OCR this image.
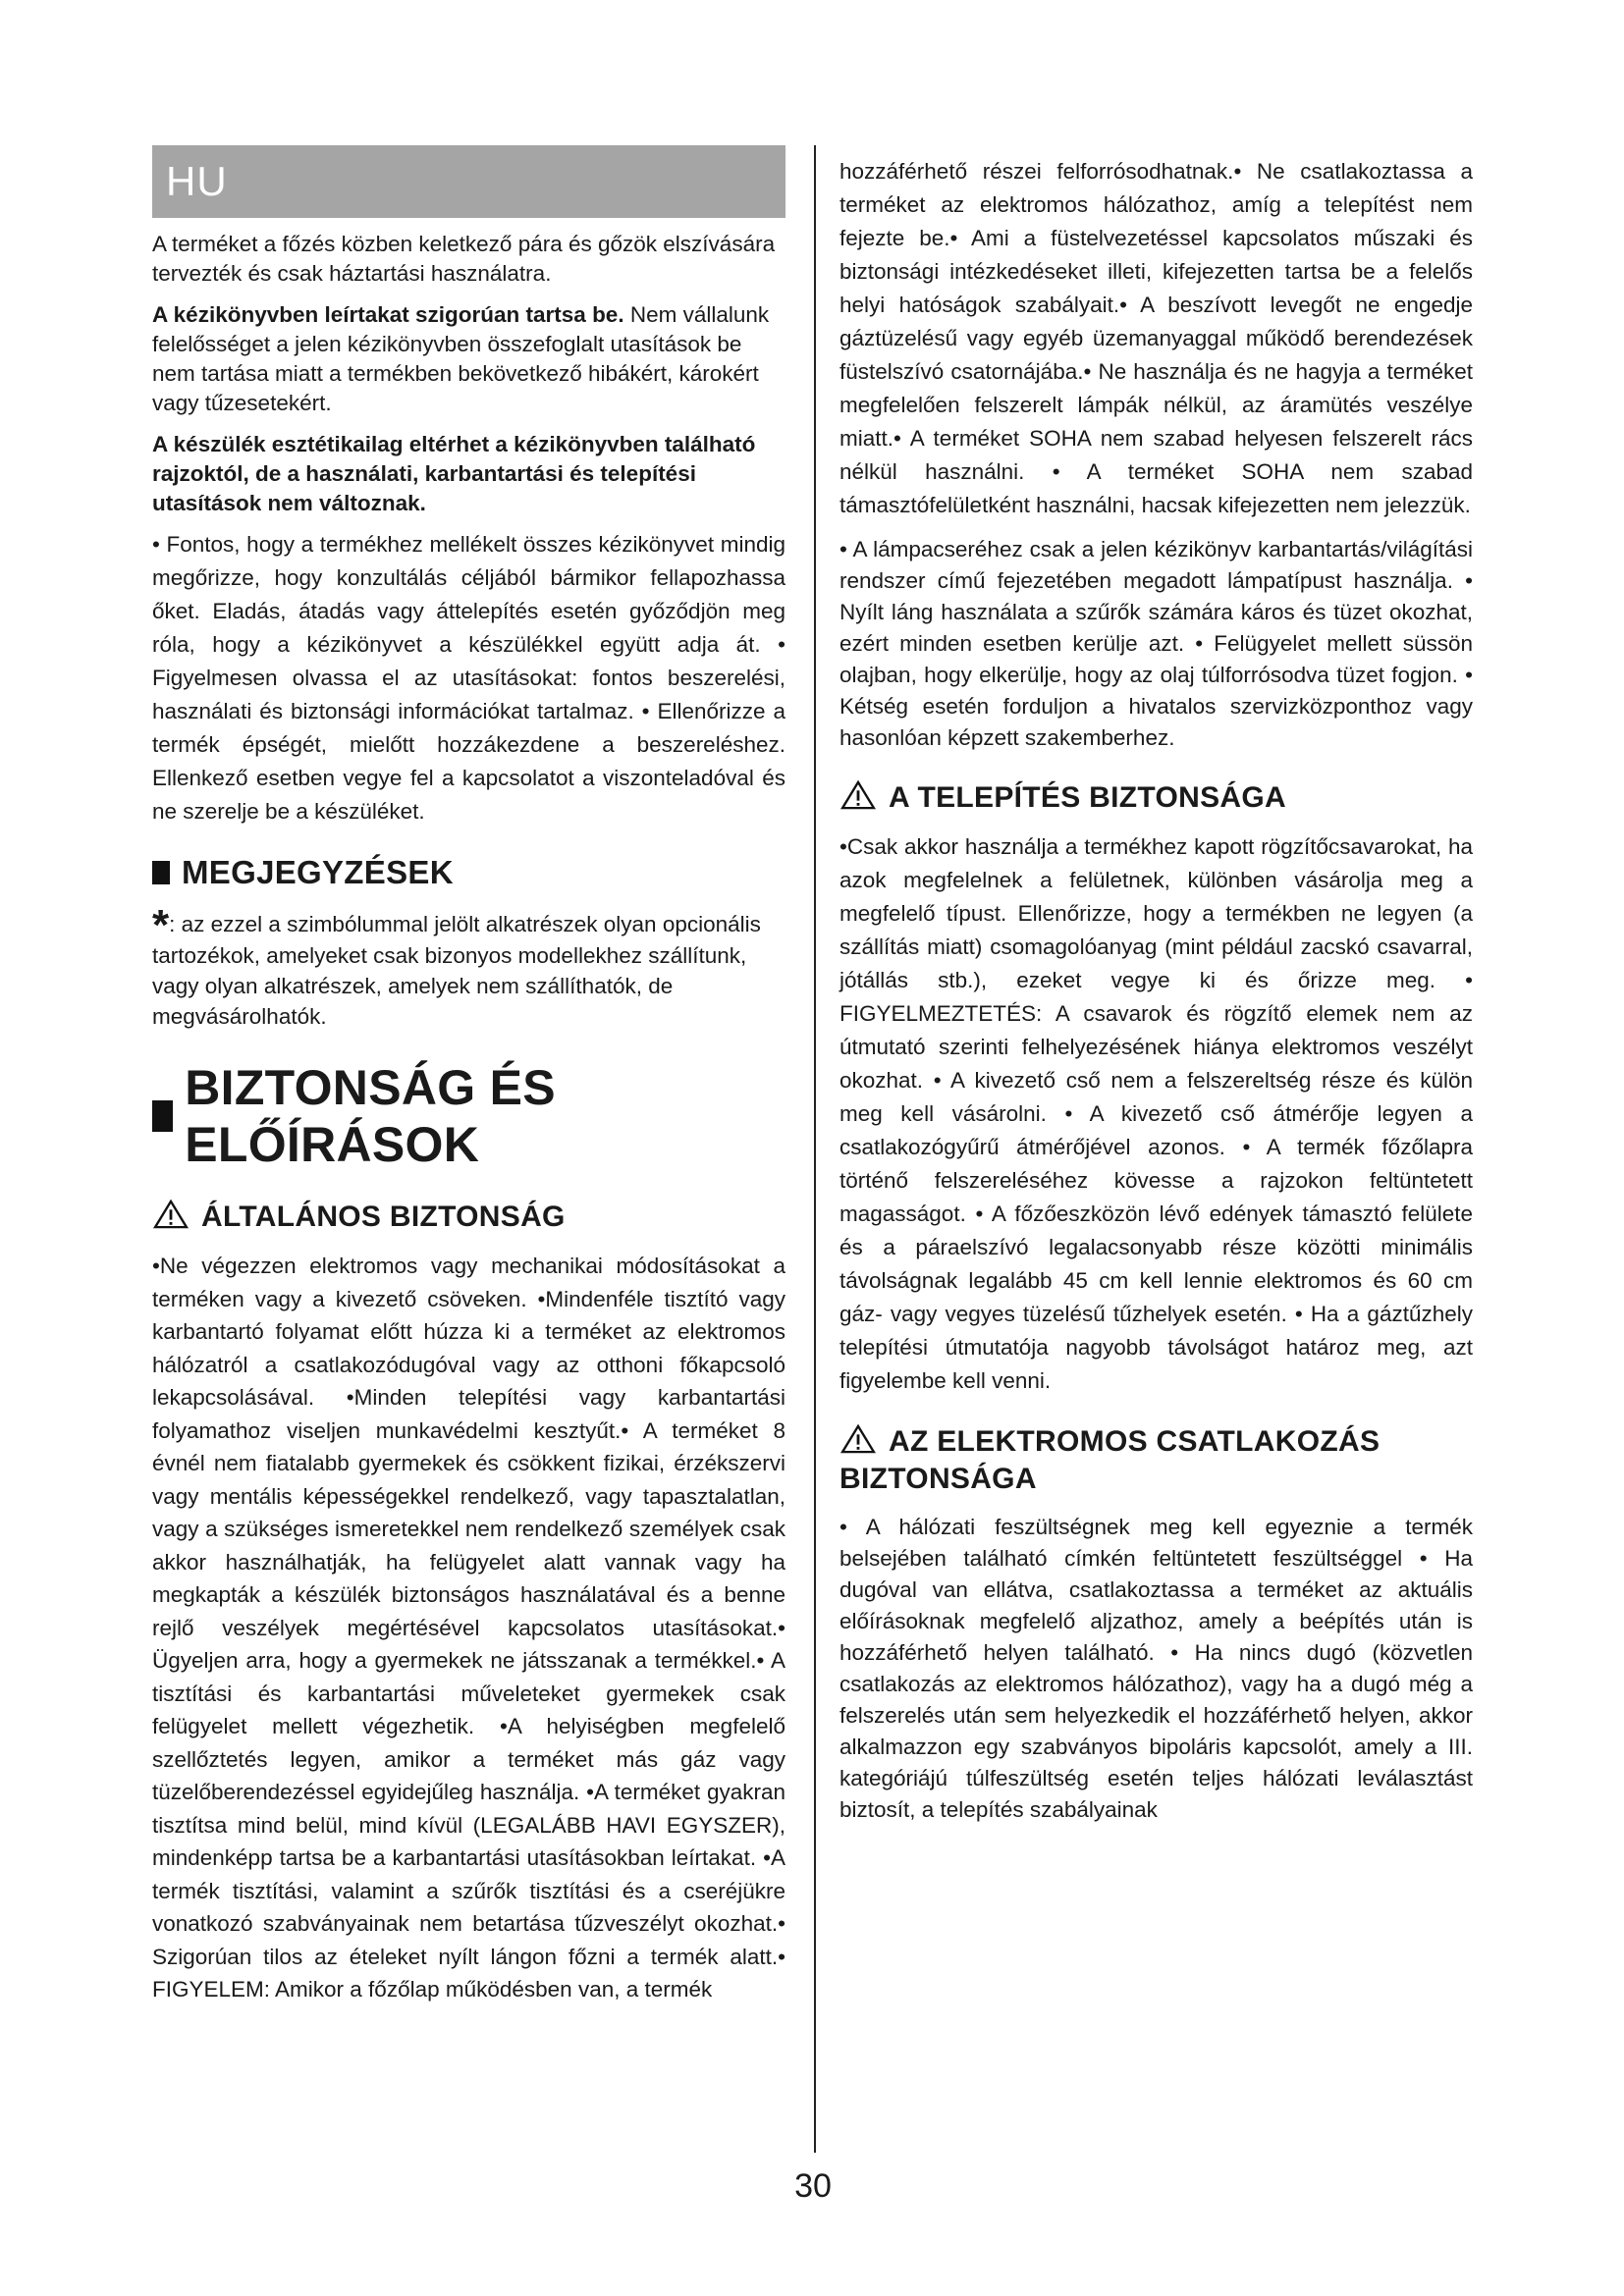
HU

A terméket a főzés közben keletkező pára és gőzök elszívására tervezték és csak háztartási használatra.

A kézikönyvben leírtakat szigorúan tartsa be. Nem vállalunk felelősséget a jelen kézikönyvben összefoglalt utasítások be nem tartása miatt a termékben bekövetkező hibákért, károkért vagy tűzesetekért.

A készülék esztétikailag eltérhet a kézikönyvben található rajzoktól, de a használati, karbantartási és telepítési utasítások nem változnak.

• Fontos, hogy a termékhez mellékelt összes kézikönyvet mindig megőrizze, hogy konzultálás céljából bármikor fellapozhassa őket. Eladás, átadás vagy áttelepítés esetén győződjön meg róla, hogy a kézikönyvet a készülékkel együtt adja át. • Figyelmesen olvassa el az utasításokat: fontos beszerelési, használati és biztonsági információkat tartalmaz. • Ellenőrizze a termék épségét, mielőtt hozzákezdene a beszereléshez. Ellenkező esetben vegye fel a kapcsolatot a viszonteladóval és ne szerelje be a készüléket.

MEGJEGYZÉSEK

*: az ezzel a szimbólummal jelölt alkatrészek olyan opcionális tartozékok, amelyeket csak bizonyos modellekhez szállítunk, vagy olyan alkatrészek, amelyek nem szállíthatók, de megvásárolhatók.

BIZTONSÁG ÉS ELŐÍRÁSOK
ÁLTALÁNOS BIZTONSÁG

•Ne végezzen elektromos vagy mechanikai módosításokat a terméken vagy a kivezető csöveken. •Mindenféle tisztító vagy karbantartó folyamat előtt húzza ki a terméket az elektromos hálózatról a csatlakozódugóval vagy az otthoni főkapcsoló lekapcsolásával. •Minden telepítési vagy karbantartási folyamathoz viseljen munkavédelmi kesztyűt.• A terméket 8 évnél nem fiatalabb gyermekek és csökkent fizikai, érzékszervi vagy mentális képességekkel rendelkező, vagy tapasztalatlan, vagy a szükséges ismeretekkel nem rendelkező személyek csak akkor használhatják, ha felügyelet alatt vannak vagy ha megkapták a készülék biztonságos használatával és a benne rejlő veszélyek megértésével kapcsolatos utasításokat.• Ügyeljen arra, hogy a gyermekek ne játsszanak a termékkel.• A tisztítási és karbantartási műveleteket gyermekek csak felügyelet mellett végezhetik. •A helyiségben megfelelő szellőztetés legyen, amikor a terméket más gáz vagy tüzelőberendezéssel egyidejűleg használja. •A terméket gyakran tisztítsa mind belül, mind kívül (LEGALÁBB HAVI EGYSZER), mindenképp tartsa be a karbantartási utasításokban leírtakat. •A termék tisztítási, valamint a szűrők tisztítási és a cseréjükre vonatkozó szabványainak nem betartása tűzveszélyt okozhat.• Szigorúan tilos az ételeket nyílt lángon főzni a termék alatt.• FIGYELEM: Amikor a főzőlap működésben van, a termék

hozzáférhető részei felforrósodhatnak.• Ne csatlakoztassa a terméket az elektromos hálózathoz, amíg a telepítést nem fejezte be.• Ami a füstelvezetéssel kapcsolatos műszaki és biztonsági intézkedéseket illeti, kifejezetten tartsa be a felelős helyi hatóságok szabályait.• A beszívott levegőt ne engedje gáztüzelésű vagy egyéb üzemanyaggal működő berendezések füstelszívó csatornájába.• Ne használja és ne hagyja a terméket megfelelően felszerelt lámpák nélkül, az áramütés veszélye miatt.• A terméket SOHA nem szabad helyesen felszerelt rács nélkül használni. • A terméket SOHA nem szabad támasztófelületként használni, hacsak kifejezetten nem jelezzük.

• A lámpacseréhez csak a jelen kézikönyv karbantartás/világítási rendszer című fejezetében megadott lámpatípust használja. • Nyílt láng használata a szűrők számára káros és tüzet okozhat, ezért minden esetben kerülje azt. • Felügyelet mellett süssön olajban, hogy elkerülje, hogy az olaj túlforrósodva tüzet fogjon. • Kétség esetén forduljon a hivatalos szervizközponthoz vagy hasonlóan képzett szakemberhez.

A TELEPÍTÉS BIZTONSÁGA

•Csak akkor használja a termékhez kapott rögzítőcsavarokat, ha azok megfelelnek a felületnek, különben vásárolja meg a megfelelő típust. Ellenőrizze, hogy a termékben ne legyen (a szállítás miatt) csomagolóanyag (mint például zacskó csavarral, jótállás stb.), ezeket vegye ki és őrizze meg. • FIGYELMEZTETÉS: A csavarok és rögzítő elemek nem az útmutató szerinti felhelyezésének hiánya elektromos veszélyt okozhat. • A kivezető cső nem a felszereltség része és külön meg kell vásárolni. • A kivezető cső átmérője legyen a csatlakozógyűrű átmérőjével azonos. • A termék főzőlapra történő felszereléséhez kövesse a rajzokon feltüntetett magasságot. • A főzőeszközön lévő edények támasztó felülete és a páraelszívó legalacsonyabb része közötti minimális távolságnak legalább 45 cm kell lennie elektromos és 60 cm gáz- vagy vegyes tüzelésű tűzhelyek esetén. • Ha a gáztűzhely telepítési útmutatója nagyobb távolságot határoz meg, azt figyelembe kell venni.

AZ ELEKTROMOS CSATLAKOZÁS BIZTONSÁGA

• A hálózati feszültségnek meg kell egyeznie a termék belsejében található címkén feltüntetett feszültséggel • Ha dugóval van ellátva, csatlakoztassa a terméket az aktuális előírásoknak megfelelő aljzathoz, amely a beépítés után is hozzáférhető helyen található. • Ha nincs dugó (közvetlen csatlakozás az elektromos hálózathoz), vagy ha a dugó még a felszerelés után sem helyezkedik el hozzáférhető helyen, akkor alkalmazzon egy szabványos bipoláris kapcsolót, amely a III. kategóriájú túlfeszültség esetén teljes hálózati leválasztást biztosít, a telepítés szabályainak

30
